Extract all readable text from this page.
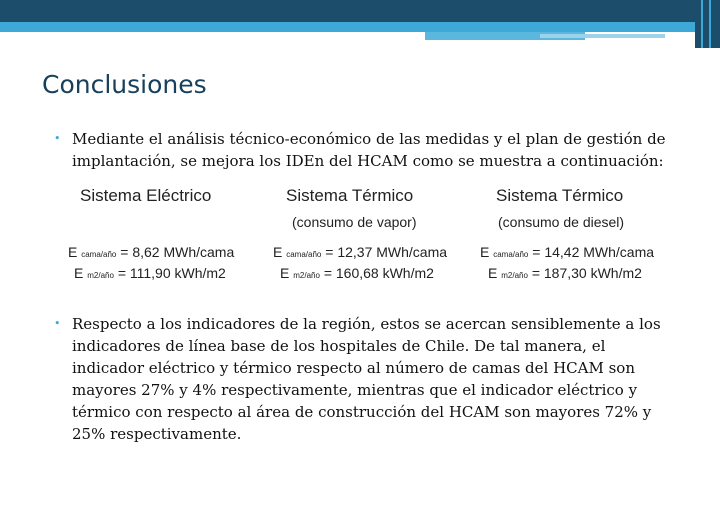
Conclusiones
• Mediante el análisis técnico-económico de las medidas y el plan de gestión de implantación, se mejora los IDEn del HCAM como se muestra a continuación:
Sistema Eléctrico
E cama/año = 8,62 MWh/cama
E m2/año = 111,90 kWh/m2
Sistema Térmico
(consumo de vapor)
E cama/año = 12,37 MWh/cama
E m2/año = 160,68 kWh/m2
Sistema Térmico
(consumo de diesel)
E cama/año = 14,42 MWh/cama
E m2/año = 187,30 kWh/m2
• Respecto a los indicadores de la región, estos se acercan sensiblemente a los indicadores de línea base de los hospitales de Chile. De tal manera, el indicador eléctrico y térmico respecto al número de camas del HCAM son mayores 27% y 4% respectivamente, mientras que el indicador eléctrico y térmico con respecto al área de construcción del HCAM son mayores 72% y 25% respectivamente.
